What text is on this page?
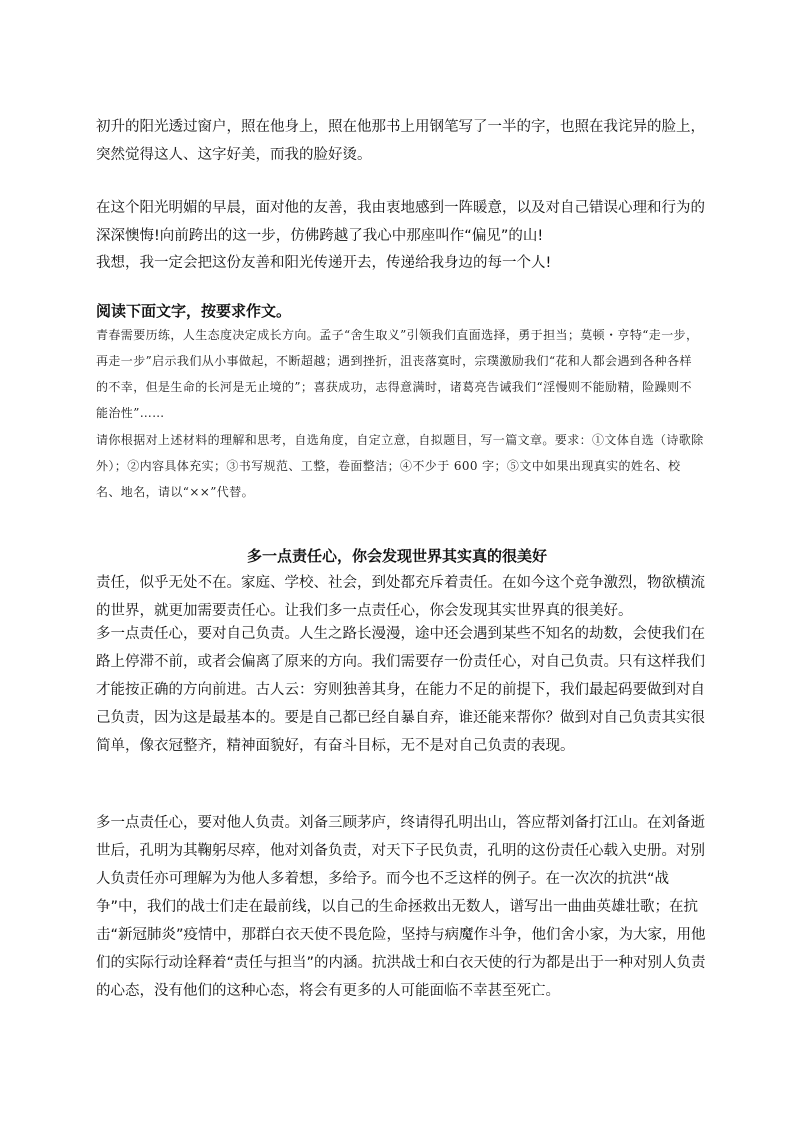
初升的阳光透过窗户，照在他身上，照在他那书上用钢笔写了一半的字，也照在我诧异的脸上，突然觉得这人、这字好美，而我的脸好烫。

在这个阳光明媚的早晨，面对他的友善，我由衷地感到一阵暖意，以及对自己错误心理和行为的深深懊悔!向前跨出的这一步，仿佛跨越了我心中那座叫作“偏见”的山!

我想，我一定会把这份友善和阳光传递开去，传递给我身边的每一个人!

阅读下面文字，按要求作文。

青春需要历练，人生态度决定成长方向。孟子“舍生取义”引领我们直面选择，勇于担当；莫顿・亨特“走一步，再走一步”启示我们从小事做起，不断超越；遇到挫折，沮丧落寞时，宗璞激励我们“花和人都会遇到各种各样的不幸，但是生命的长河是无止境的”；喜获成功，志得意满时，诸葛亮告诫我们“淫慢则不能励精，险躁则不能治性”……

请你根据对上述材料的理解和思考，自选角度，自定立意，自拟题目，写一篇文章。要求：①文体自选（诗歌除外）；②内容具体充实；③书写规范、工整，卷面整洁；④不少于 600 字；⑤文中如果出现真实的姓名、校名、地名，请以“××”代替。

多一点责任心，你会发现世界其实真的很美好

责任，似乎无处不在。家庭、学校、社会，到处都充斥着责任。在如今这个竞争激烈，物欲横流的世界，就更加需要责任心。让我们多一点责任心，你会发现其实世界真的很美好。

多一点责任心，要对自己负责。人生之路长漫漫，途中还会遇到某些不知名的劫数，会使我们在路上停滞不前，或者会偏离了原来的方向。我们需要存一份责任心，对自己负责。只有这样我们才能按正确的方向前进。古人云：穷则独善其身，在能力不足的前提下，我们最起码要做到对自己负责，因为这是最基本的。要是自己都已经自暴自弃，谁还能来帮你？做到对自己负责其实很简单，像衣冠整齐，精神面貌好，有奋斗目标，无不是对自己负责的表现。

多一点责任心，要对他人负责。刘备三顾茅庐，终请得孔明出山，答应帮刘备打江山。在刘备逝世后，孔明为其鞠躬尽瘁，他对刘备负责，对天下子民负责，孔明的这份责任心载入史册。对别人负责任亦可理解为为他人多着想，多给予。而今也不乏这样的例子。在一次次的抗洪“战争”中，我们的战士们走在最前线，以自己的生命拯救出无数人，谱写出一曲曲英雄壮歌；在抗击“新冠肺炎”疫情中，那群白衣天使不畏危险，坚持与病魔作斗争，他们舍小家，为大家，用他们的实际行动诠释着“责任与担当”的内涵。抗洪战士和白衣天使的行为都是出于一种对别人负责的心态，没有他们的这种心态，将会有更多的人可能面临不幸甚至死亡。
